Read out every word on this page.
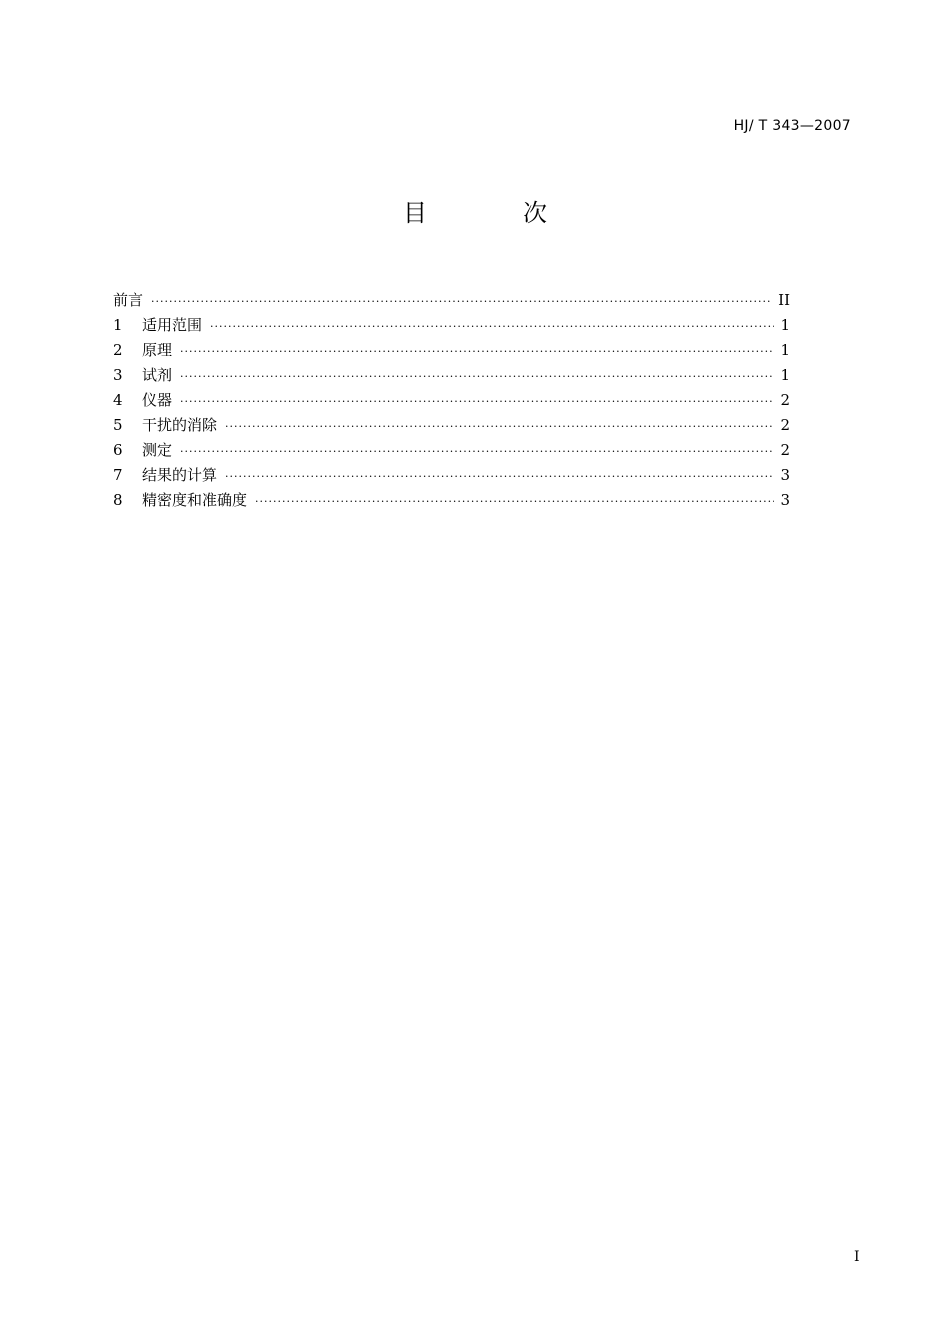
HJ/ T 343—2007
目	次
前言 ·····	II
1	适用范围 ·····	1
2	原理 ·····	1
3	试剂 ·····	1
4	仪器 ·····	2
5	干扰的消除 ·····	2
6	测定 ·····	2
7	结果的计算 ·····	3
8	精密度和准确度 ·····	3
I
